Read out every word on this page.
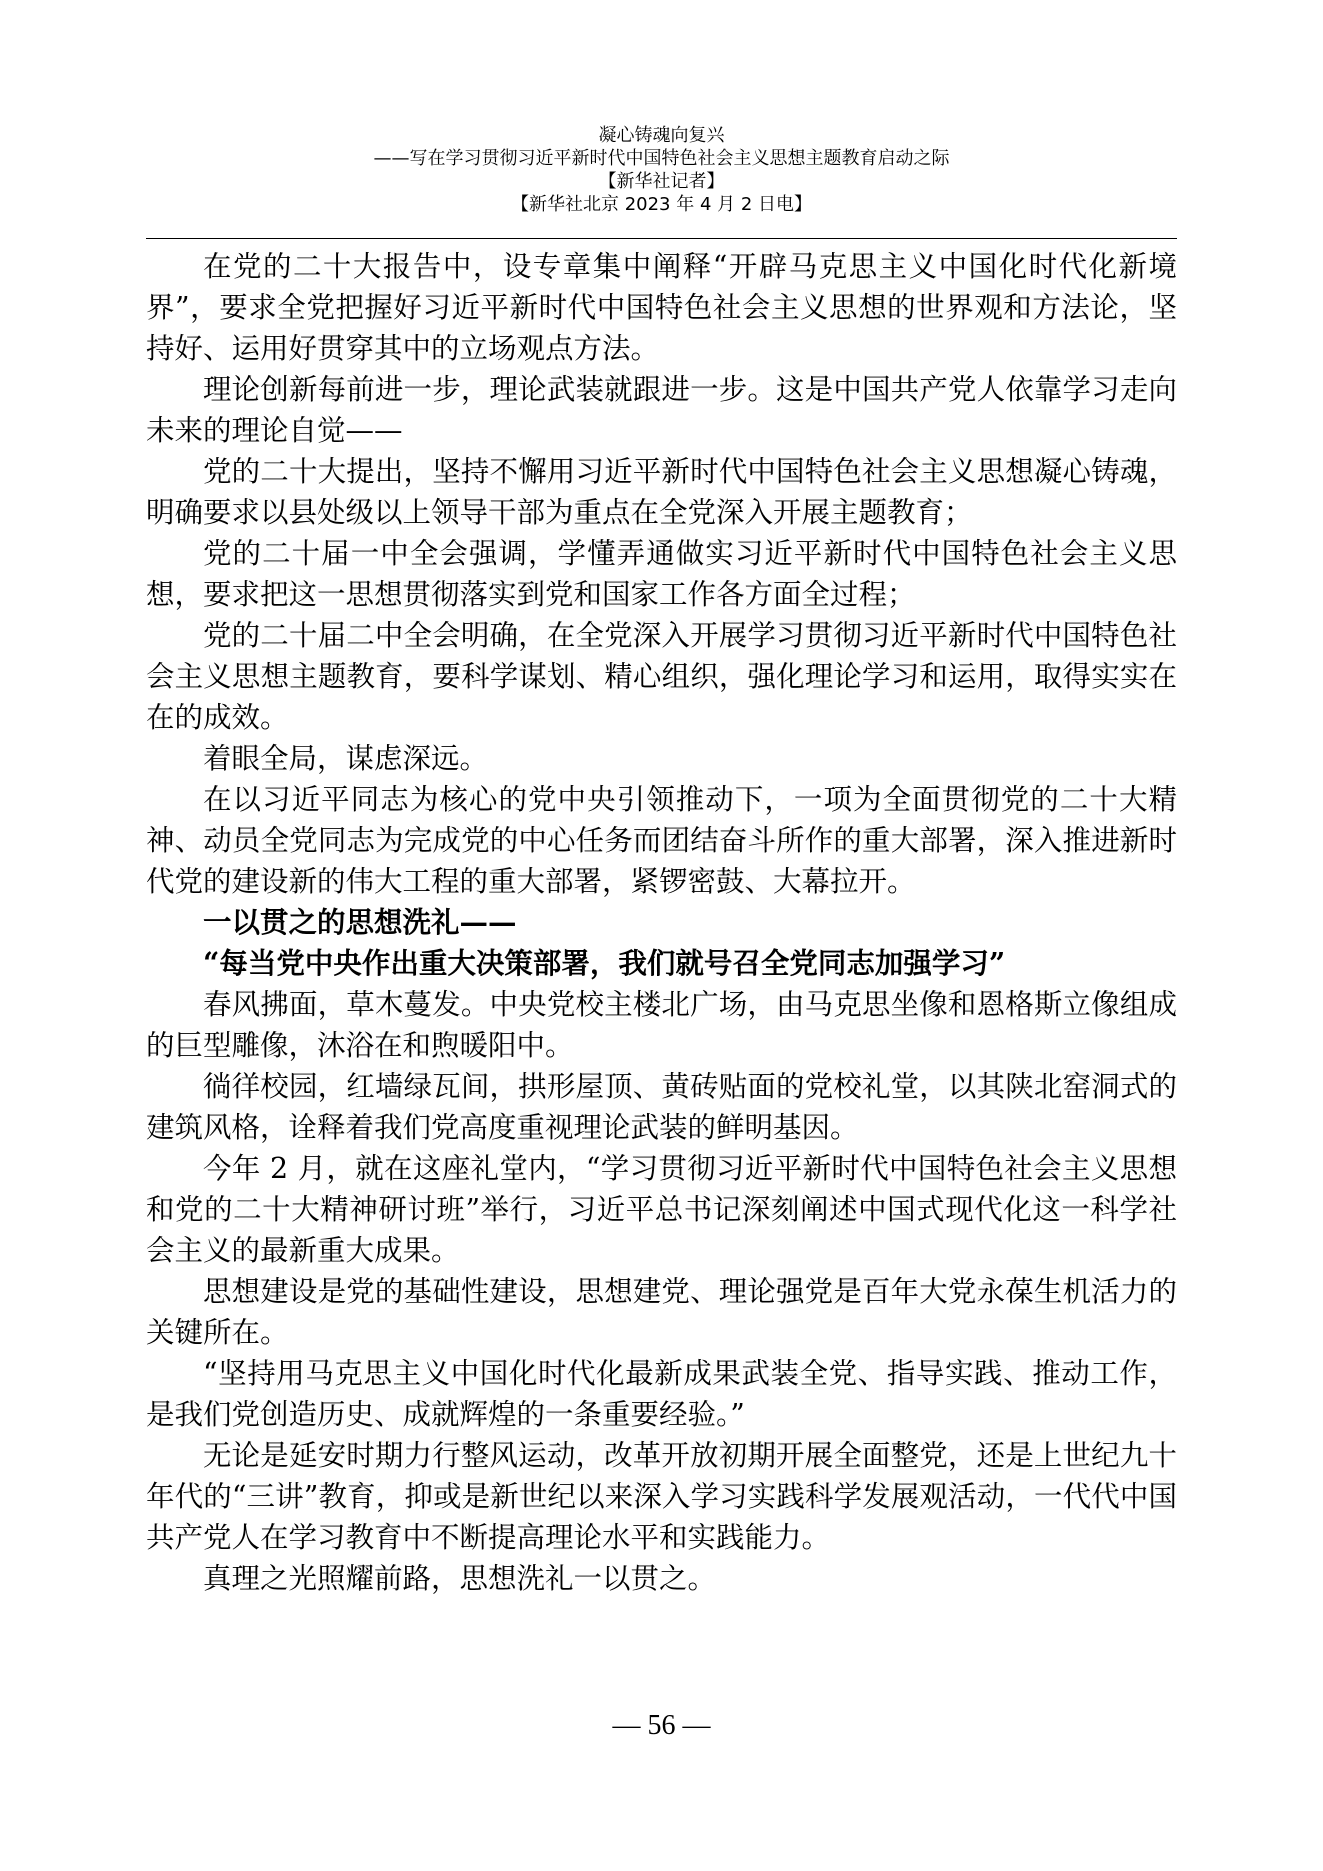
凝心铸魂向复兴
——写在学习贯彻习近平新时代中国特色社会主义思想主题教育启动之际
【新华社记者】
【新华社北京 2023 年 4 月 2 日电】

在党的二十大报告中，设专章集中阐释“开辟马克思主义中国化时代化新境界”，要求全党把握好习近平新时代中国特色社会主义思想的世界观和方法论，坚持好、运用好贯穿其中的立场观点方法。

理论创新每前进一步，理论武装就跟进一步。这是中国共产党人依靠学习走向未来的理论自觉——

党的二十大提出，坚持不懈用习近平新时代中国特色社会主义思想凝心铸魂，明确要求以县处级以上领导干部为重点在全党深入开展主题教育；

党的二十届一中全会强调，学懂弄通做实习近平新时代中国特色社会主义思想，要求把这一思想贯彻落实到党和国家工作各方面全过程；

党的二十届二中全会明确，在全党深入开展学习贯彻习近平新时代中国特色社会主义思想主题教育，要科学谋划、精心组织，强化理论学习和运用，取得实实在在的成效。

着眼全局，谋虑深远。

在以习近平同志为核心的党中央引领推动下，一项为全面贯彻党的二十大精神、动员全党同志为完成党的中心任务而团结奋斗所作的重大部署，深入推进新时代党的建设新的伟大工程的重大部署，紧锣密鼓、大幕拉开。

一以贯之的思想洗礼——

“每当党中央作出重大决策部署，我们就号召全党同志加强学习”

春风拂面，草木蔓发。中央党校主楼北广场，由马克思坐像和恩格斯立像组成的巨型雕像，沐浴在和煦暖阳中。

徜徉校园，红墙绿瓦间，拱形屋顶、黄砖贴面的党校礼堂，以其陕北窑洞式的建筑风格，诠释着我们党高度重视理论武装的鲜明基因。

今年 2 月，就在这座礼堂内，“学习贯彻习近平新时代中国特色社会主义思想和党的二十大精神研讨班”举行，习近平总书记深刻阐述中国式现代化这一科学社会主义的最新重大成果。

思想建设是党的基础性建设，思想建党、理论强党是百年大党永葆生机活力的关键所在。

“坚持用马克思主义中国化时代化最新成果武装全党、指导实践、推动工作，是我们党创造历史、成就辉煌的一条重要经验。”

无论是延安时期力行整风运动，改革开放初期开展全面整党，还是上世纪九十年代的“三讲”教育，抑或是新世纪以来深入学习实践科学发展观活动，一代代中国共产党人在学习教育中不断提高理论水平和实践能力。

真理之光照耀前路，思想洗礼一以贯之。

— 56 —
